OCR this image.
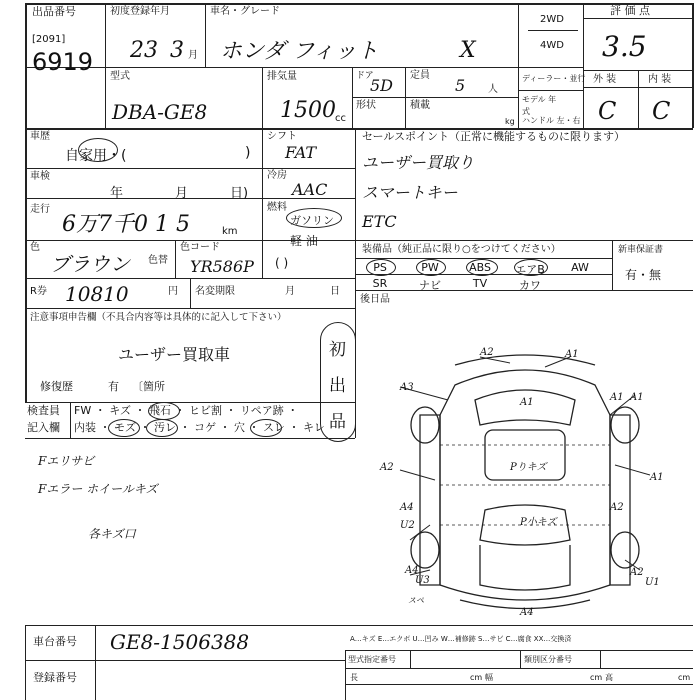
出品番号
[2091]
6919
初度登録年月
23 3 月
車名・グレード
ホンダ フィット	X
2WD
4WD
評 価 点
3.5
型式
DBA-GE8
排気量
1500 cc
ドア
5D
形状
定員
5 人
積載
kg
ディーラー・並行
モデル 年式
ハンドル 左・右
外 装	内 装
C C
車歴
自家用・(	)
シフト
FAT
車検
年	月	日)
冷房
AAC
走行
6万7千0 1 5	km
燃料
ガソリン
軽 油
( )
色
ブラウン 色替
色コード
YR586P
R券 10810	円 名変期限	月	日
セールスポイント（正常に機能するものに限ります）
ユーザー買取り
スマートキー
ETC
装備品（純正品に限り○をつけてください）
PS	PW	ABS	エアB	AW
SR	ナビ	TV	カワ
新車保証書
有・無
後日品
注意事項申告欄（不具合内容等は具体的に記入して下さい）
ユーザー買取車	初
出
品
修復歴	有 〔箇所
検査員
記入欄
FW ・ キズ ・ 飛石 ・ ヒビ割 ・ リペア跡 ・
内装 ・ モズ ・ 汚レ ・ コゲ ・ 穴 ・ スレ ・ キレ
Fエリサビ
Fエラー ホイールキズ
各キズ口
A2	A1
A3
A1	A1 A1
A2	Pりキズ
A1
A4
P小キズ
U2
A2
A4
U3
A2
U1
A4
スペ
A…キズ E…エクボ U…凹み W…補修跡 S…サビ C…腐食 XX…交換済
車台番号 GE8-1506388
登録番号
型式指定番号	類別区分番号
長	cm 幅	cm 高	cm
